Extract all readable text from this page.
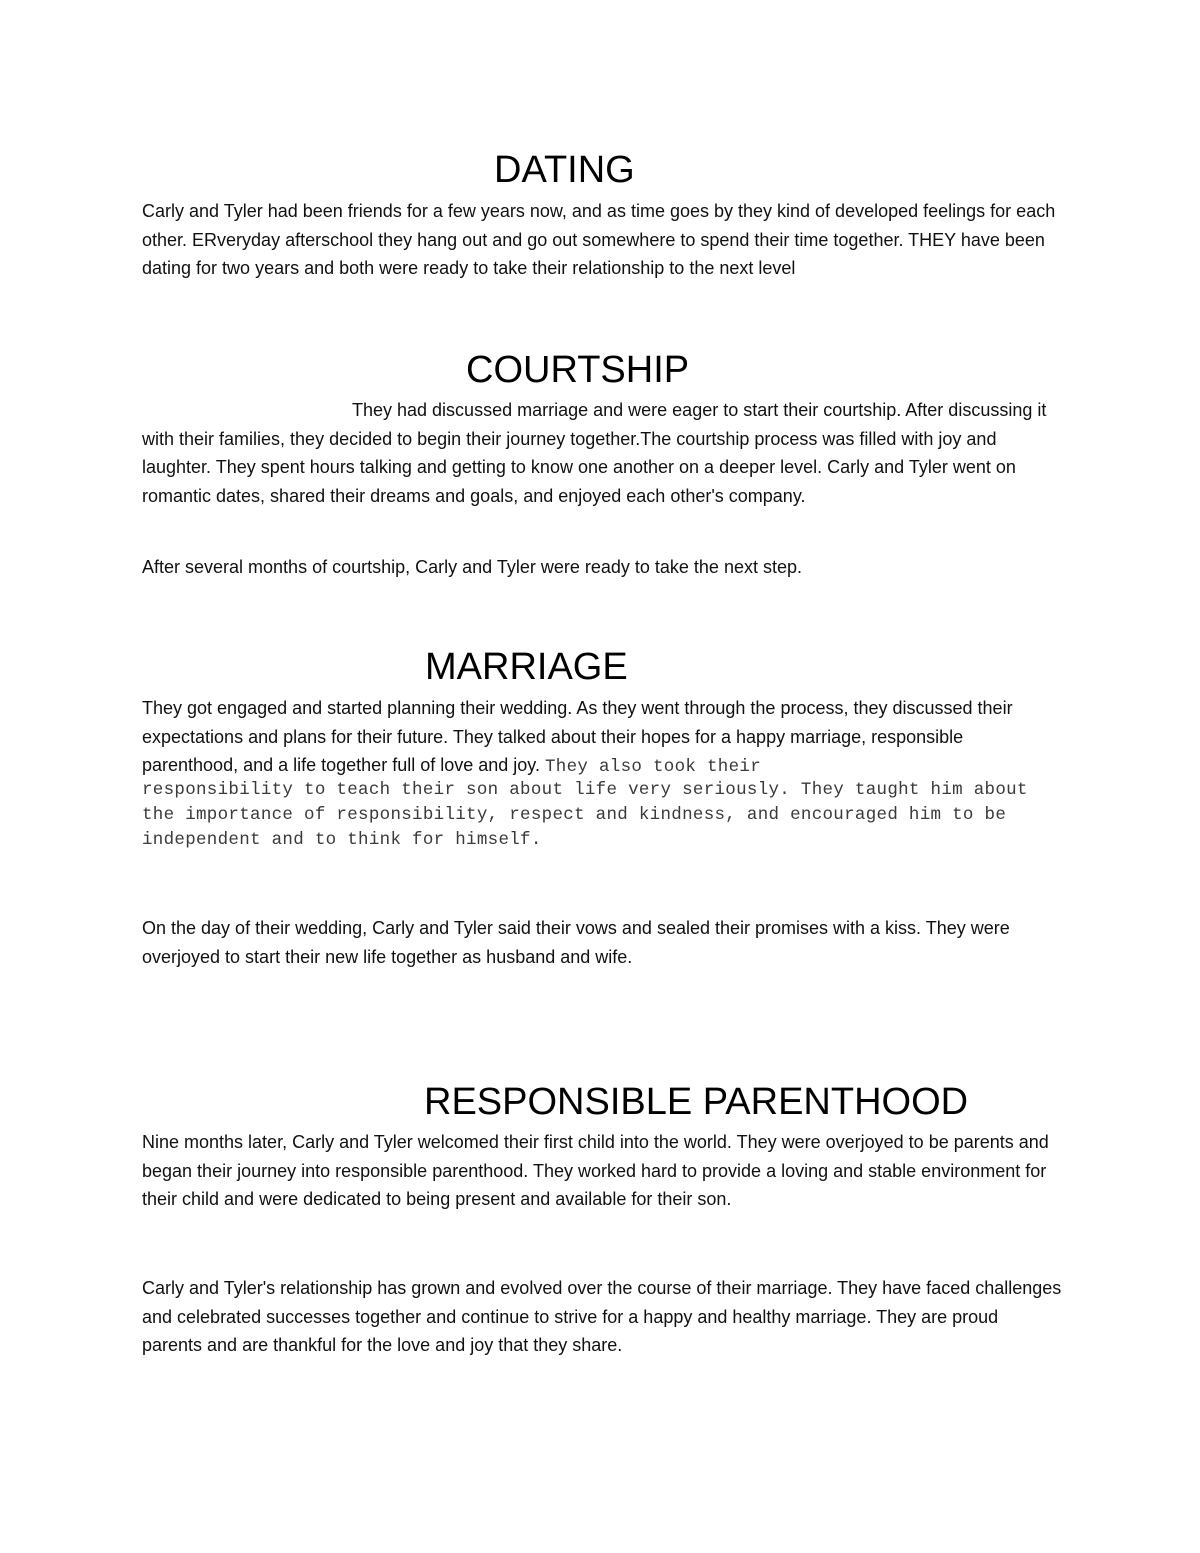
DATING

Carly and Tyler had been friends for a few years now, and as time goes by they kind of developed feelings for each other. ERveryday afterschool they hang out and go out somewhere to spend their time together. THEY have been dating for two years and both were ready to take their relationship to the next level

COURTSHIP

They had discussed marriage and were eager to start their courtship. After discussing it with their families, they decided to begin their journey together.The courtship process was filled with joy and laughter. They spent hours talking and getting to know one another on a deeper level. Carly and Tyler went on romantic dates, shared their dreams and goals, and enjoyed each other's company.

After several months of courtship, Carly and Tyler were ready to take the next step.

MARRIAGE

They got engaged and started planning their wedding. As they went through the process, they discussed their expectations and plans for their future. They talked about their hopes for a happy marriage, responsible parenthood, and a life together full of love and joy. They also took their

responsibility to teach their son about life very seriously. They taught him about the importance of responsibility, respect and kindness, and encouraged him to be independent and to think for himself.

On the day of their wedding, Carly and Tyler said their vows and sealed their promises with a kiss. They were overjoyed to start their new life together as husband and wife.

RESPONSIBLE PARENTHOOD

Nine months later, Carly and Tyler welcomed their first child into the world. They were overjoyed to be parents and began their journey into responsible parenthood. They worked hard to provide a loving and stable environment for their child and were dedicated to being present and available for their son.

Carly and Tyler's relationship has grown and evolved over the course of their marriage. They have faced challenges and celebrated successes together and continue to strive for a happy and healthy marriage. They are proud parents and are thankful for the love and joy that they share.
